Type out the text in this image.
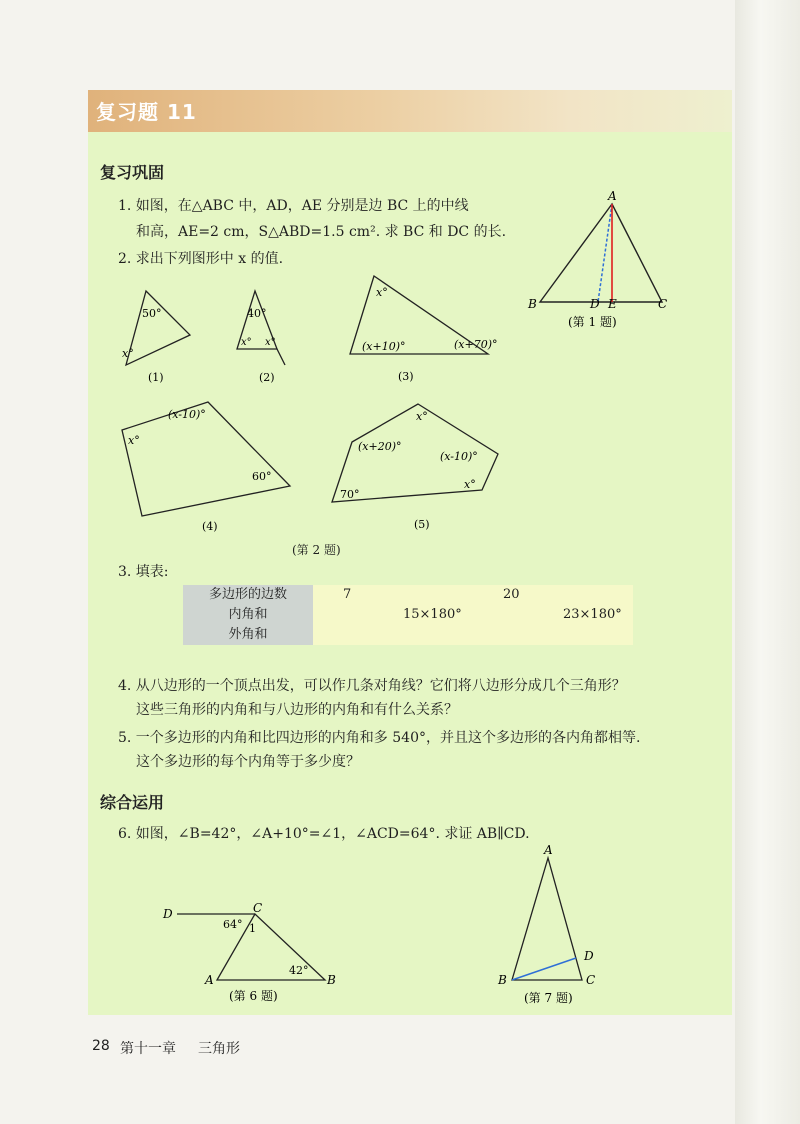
复习题 11
复习巩固
1. 如图，在△ABC 中，AD，AE 分别是边 BC 上的中线
和高，AE=2 cm，S△ABD=1.5 cm². 求 BC 和 DC 的长.
2. 求出下列图形中 x 的值.
A
B	C
D E
(第 1 题)
50°
x°
(1)
40°
x° x°
(2)
x°
(x+10)°	(x+70)°
(3)
x°
(x-10)°
60°
(4)
x°
(x+20)°
(x-10)°
x°
70°
(5)
(第 2 题)
3. 填表:
多边形的边数	7	20
内角和	15×180°	23×180°
外角和
4. 从八边形的一个顶点出发，可以作几条对角线？它们将八边形分成几个三角形？
这些三角形的内角和与八边形的内角和有什么关系？
5. 一个多边形的内角和比四边形的内角和多 540°，并且这个多边形的各内角都相等.
这个多边形的每个内角等于多少度？
综合运用
6. 如图，∠B=42°，∠A+10°=∠1，∠ACD=64°. 求证 AB∥CD.
D	C
A	B
64° 1
42°
(第 6 题)
A
B	C
D
(第 7 题)
28 第十一章 三角形
